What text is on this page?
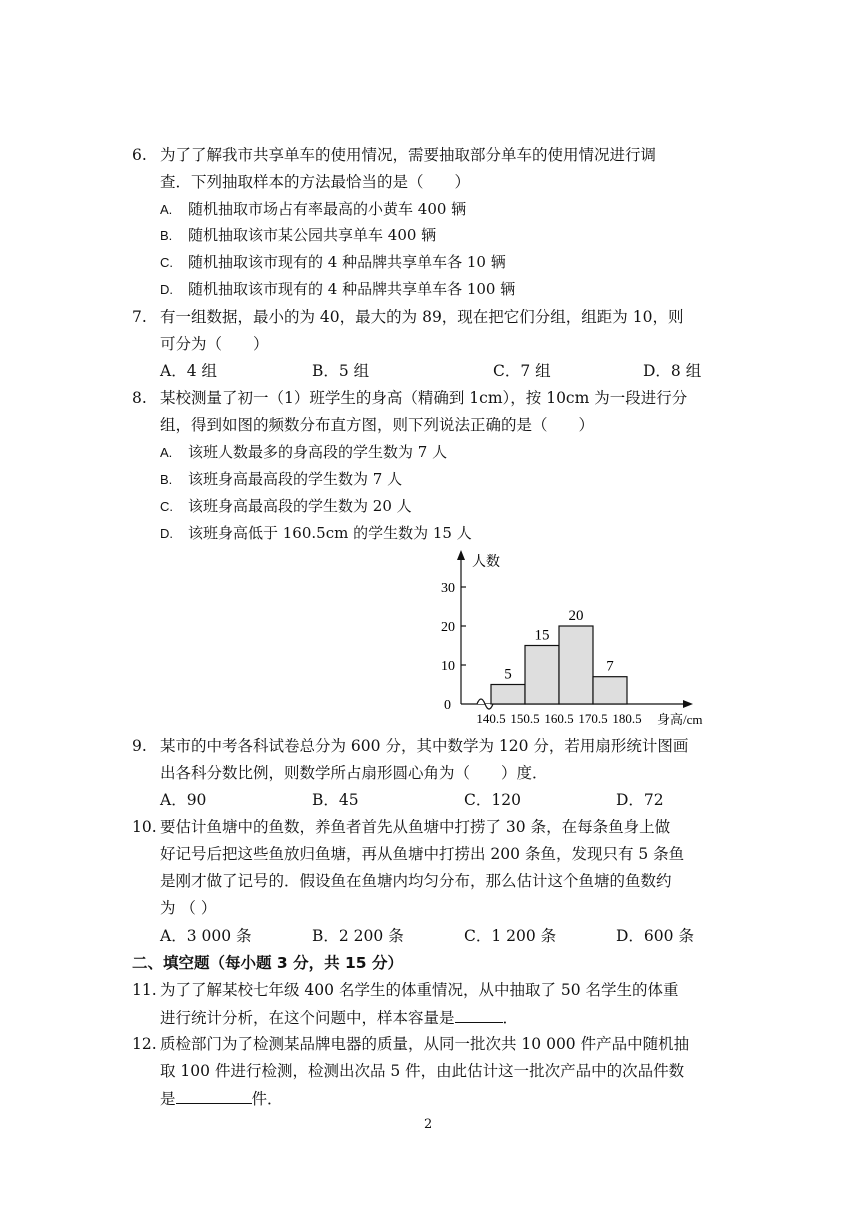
6. 为了了解我市共享单车的使用情况，需要抽取部分单车的使用情况进行调
查．下列抽取样本的方法最恰当的是（　　）
A. 随机抽取市场占有率最高的小黄车 400 辆
B. 随机抽取该市某公园共享单车 400 辆
C. 随机抽取该市现有的 4 种品牌共享单车各 10 辆
D. 随机抽取该市现有的 4 种品牌共享单车各 100 辆
7. 有一组数据，最小的为 40，最大的为 89，现在把它们分组，组距为 10，则
可分为（　　）
A．4 组	B．5 组	C．7 组	D．8 组
8. 某校测量了初一（1）班学生的身高（精确到 1cm），按 10cm 为一段进行分
组，得到如图的频数分布直方图，则下列说法正确的是（　　）
A. 该班人数最多的身高段的学生数为 7 人
B. 该班身高最高段的学生数为 7 人
C. 该班身高最高段的学生数为 20 人
D. 该班身高低于 160.5cm 的学生数为 15 人
人数
身高/cm
0
10
20
30
5
15
20
7
140.5 150.5 160.5 170.5 180.5
9. 某市的中考各科试卷总分为 600 分，其中数学为 120 分，若用扇形统计图画
出各科分数比例，则数学所占扇形圆心角为（　　）度．
A．90	B．45	C．120	D．72
10. 要估计鱼塘中的鱼数，养鱼者首先从鱼塘中打捞了 30 条，在每条鱼身上做
好记号后把这些鱼放归鱼塘，再从鱼塘中打捞出 200 条鱼，发现只有 5 条鱼
是刚才做了记号的．假设鱼在鱼塘内均匀分布，那么估计这个鱼塘的鱼数约
为 （ ）
A．3 000 条	B．2 200 条	C．1 200 条	D．600 条
二、填空题（每小题 3 分，共 15 分）
11. 为了了解某校七年级 400 名学生的体重情况，从中抽取了 50 名学生的体重
进行统计分析，在这个问题中，样本容量是	．
12. 质检部门为了检测某品牌电器的质量，从同一批次共 10 000 件产品中随机抽
取 100 件进行检测，检测出次品 5 件，由此估计这一批次产品中的次品件数
是	件．
2
